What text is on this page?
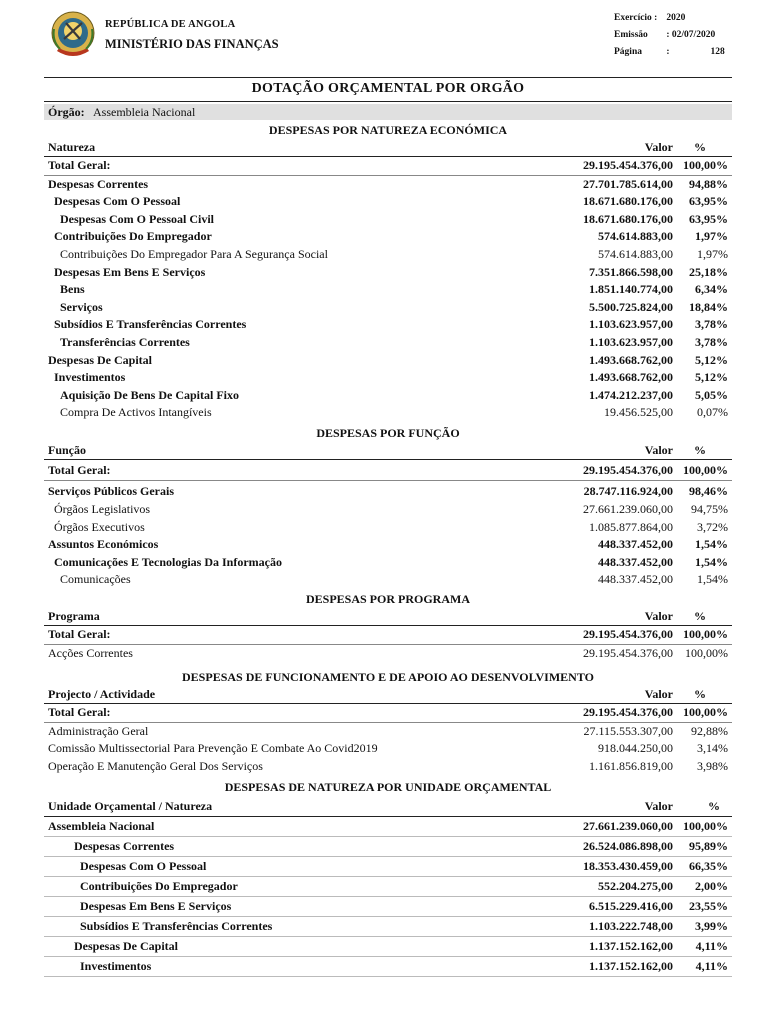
REPÚBLICA DE ANGOLA
MINISTÉRIO DAS FINANÇAS
Exercício : 2020
Emissão : 02/07/2020
Página	:	128
DOTAÇÃO ORÇAMENTAL POR ORGÃO
Órgão: Assembleia Nacional
DESPESAS POR NATUREZA ECONÓMICA
Natureza	Valor %
Total Geral:	29.195.454.376,00 100,00%
Despesas Correntes	27.701.785.614,00 94,88%
Despesas Com O Pessoal	18.671.680.176,00 63,95%
Despesas Com O Pessoal Civil	18.671.680.176,00 63,95%
Contribuições Do Empregador	574.614.883,00 1,97%
Contribuições Do Empregador Para A Segurança Social	574.614.883,00 1,97%
Despesas Em Bens E Serviços	7.351.866.598,00 25,18%
Bens	1.851.140.774,00 6,34%
Serviços	5.500.725.824,00 18,84%
Subsídios E Transferências Correntes	1.103.623.957,00 3,78%
Transferências Correntes	1.103.623.957,00 3,78%
Despesas De Capital	1.493.668.762,00 5,12%
Investimentos	1.493.668.762,00 5,12%
Aquisição De Bens De Capital Fixo	1.474.212.237,00 5,05%
Compra De Activos Intangíveis	19.456.525,00 0,07%
DESPESAS POR FUNÇÃO
Função	Valor %
Total Geral:	29.195.454.376,00 100,00%
Serviços Públicos Gerais	28.747.116.924,00 98,46%
Órgãos Legislativos	27.661.239.060,00 94,75%
Órgãos Executivos	1.085.877.864,00 3,72%
Assuntos Económicos	448.337.452,00 1,54%
Comunicações E Tecnologias Da Informação	448.337.452,00 1,54%
Comunicações	448.337.452,00 1,54%
DESPESAS POR PROGRAMA
Programa	Valor %
Total Geral:	29.195.454.376,00 100,00%
Acções Correntes	29.195.454.376,00 100,00%
DESPESAS DE FUNCIONAMENTO E DE APOIO AO DESENVOLVIMENTO
Projecto / Actividade	Valor %
Total Geral:	29.195.454.376,00 100,00%
Administração Geral	27.115.553.307,00 92,88%
Comissão Multissectorial Para Prevenção E Combate Ao Covid2019	918.044.250,00 3,14%
Operação E Manutenção Geral Dos Serviços	1.161.856.819,00 3,98%
DESPESAS DE NATUREZA POR UNIDADE ORÇAMENTAL
Unidade Orçamental / Natureza	Valor	%
Assembleia Nacional	27.661.239.060,00 100,00%
Despesas Correntes	26.524.086.898,00 95,89%
Despesas Com O Pessoal	18.353.430.459,00 66,35%
Contribuições Do Empregador	552.204.275,00 2,00%
Despesas Em Bens E Serviços	6.515.229.416,00 23,55%
Subsídios E Transferências Correntes	1.103.222.748,00 3,99%
Despesas De Capital	1.137.152.162,00 4,11%
Investimentos	1.137.152.162,00 4,11%
